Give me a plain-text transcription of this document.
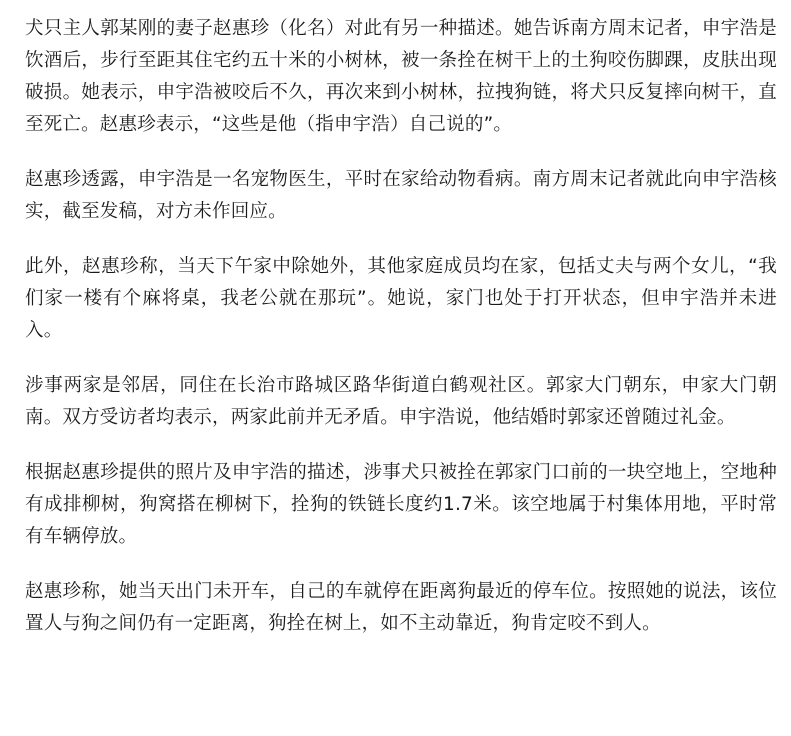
犬只主人郭某刚的妻子赵惠珍（化名）对此有另一种描述。她告诉南方周末记者，申宇浩是饮酒后，步行至距其住宅约五十米的小树林，被一条拴在树干上的土狗咬伤脚踝，皮肤出现破损。她表示，申宇浩被咬后不久，再次来到小树林，拉拽狗链，将犬只反复摔向树干，直至死亡。赵惠珍表示，“这些是他（指申宇浩）自己说的”。

赵惠珍透露，申宇浩是一名宠物医生，平时在家给动物看病。南方周末记者就此向申宇浩核实，截至发稿，对方未作回应。

此外，赵惠珍称，当天下午家中除她外，其他家庭成员均在家，包括丈夫与两个女儿，“我们家一楼有个麻将桌，我老公就在那玩”。她说，家门也处于打开状态，但申宇浩并未进入。

涉事两家是邻居，同住在长治市路城区路华街道白鹤观社区。郭家大门朝东，申家大门朝南。双方受访者均表示，两家此前并无矛盾。申宇浩说，他结婚时郭家还曾随过礼金。

根据赵惠珍提供的照片及申宇浩的描述，涉事犬只被拴在郭家门口前的一块空地上，空地种有成排柳树，狗窝搭在柳树下，拴狗的铁链长度约1.7米。该空地属于村集体用地，平时常有车辆停放。

赵惠珍称，她当天出门未开车，自己的车就停在距离狗最近的停车位。按照她的说法，该位置人与狗之间仍有一定距离，狗拴在树上，如不主动靠近，狗肯定咬不到人。
